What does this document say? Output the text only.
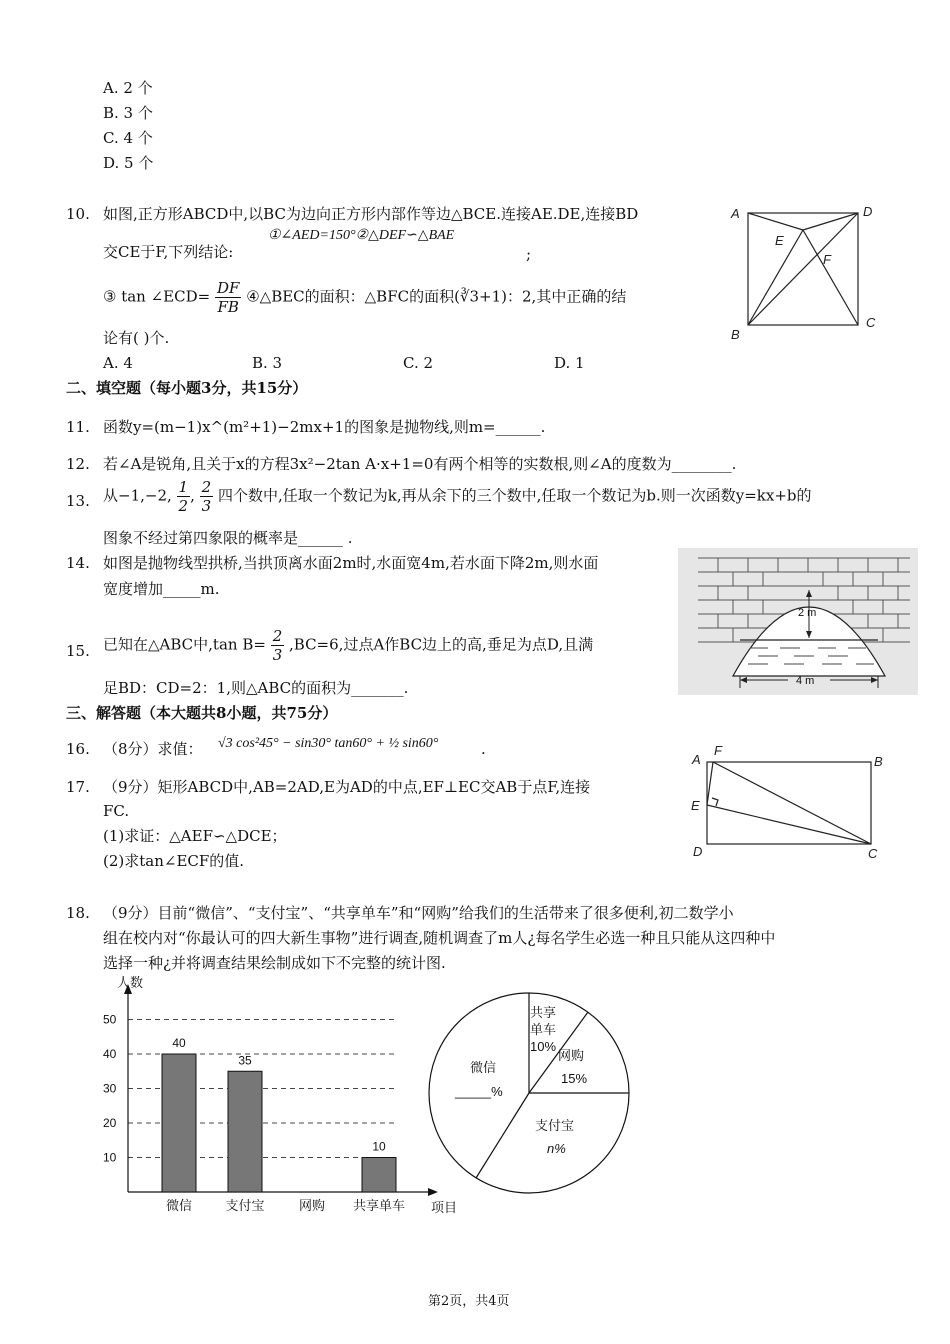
A. 2 个
B. 3 个
C. 4 个
D. 5 个
10. 如图,正方形ABCD中,以BC为边向正方形内部作等边△BCE.连接AE.DE,连接BD
交CE于F,下列结论:
①∠AED=150°②△DEF∽△BAE
;
③ tan ∠ECD= $\frac{DF}{FB}$ ④△BEC的面积：△BFC的面积(∛3+1)：2,其中正确的结
论有( )个.
A. 4	B. 3	C. 2	D. 1
A	D
B
C
E
F
二、填空题（每小题3分，共15分）
11. 函数y=(m−1)x^(m²+1)−2mx+1的图象是抛物线,则m=______.
12. 若∠A是锐角,且关于x的方程3x²−2tan A·x+1=0有两个相等的实数根,则∠A的度数为________.
13. 从−1,−2, $\frac{1}{2}$ , $\frac{2}{3}$ 四个数中,任取一个数记为k,再从余下的三个数中,任取一个数记为b.则一次函数y=kx+b的
图象不经过第四象限的概率是______ .
14. 如图是抛物线型拱桥,当拱顶离水面2m时,水面宽4m,若水面下降2m,则水面
宽度增加_____m.
2 m
4 m
15. 已知在△ABC中,tan $B= \frac{2}{3} ,BC=6$,过点A作BC边上的高,垂足为点D,且满
足BD：CD=2：1,则△ABC的面积为_______.
三、解答题（本大题共8小题，共75分）
16. （8分）求值： √3 cos²45° − sin30° tan60° + ½ sin60°	.
A
F
B
E
D	C
17. （9分）矩形ABCD中,AB=2AD,E为AD的中点,EF⊥EC交AB于点F,连接
FC.
(1)求证：△AEF∽△DCE；
(2)求tan∠ECF的值.
18. （9分）目前“微信”、“支付宝”、“共享单车”和“网购”给我们的生活带来了很多便利,初二数学小
组在校内对“你最认可的四大新生事物”进行调查,随机调查了m人¿每名学生必选一种且只能从这四种中
选择一种¿并将调查结果绘制成如下不完整的统计图.
人数
项目
10
20
30
40
50
微信
40
支付宝
35
网购 共享单车
10
共享
单车
10%
网购
15%
支付宝
n%
微信
_____%
第2页，共4页
